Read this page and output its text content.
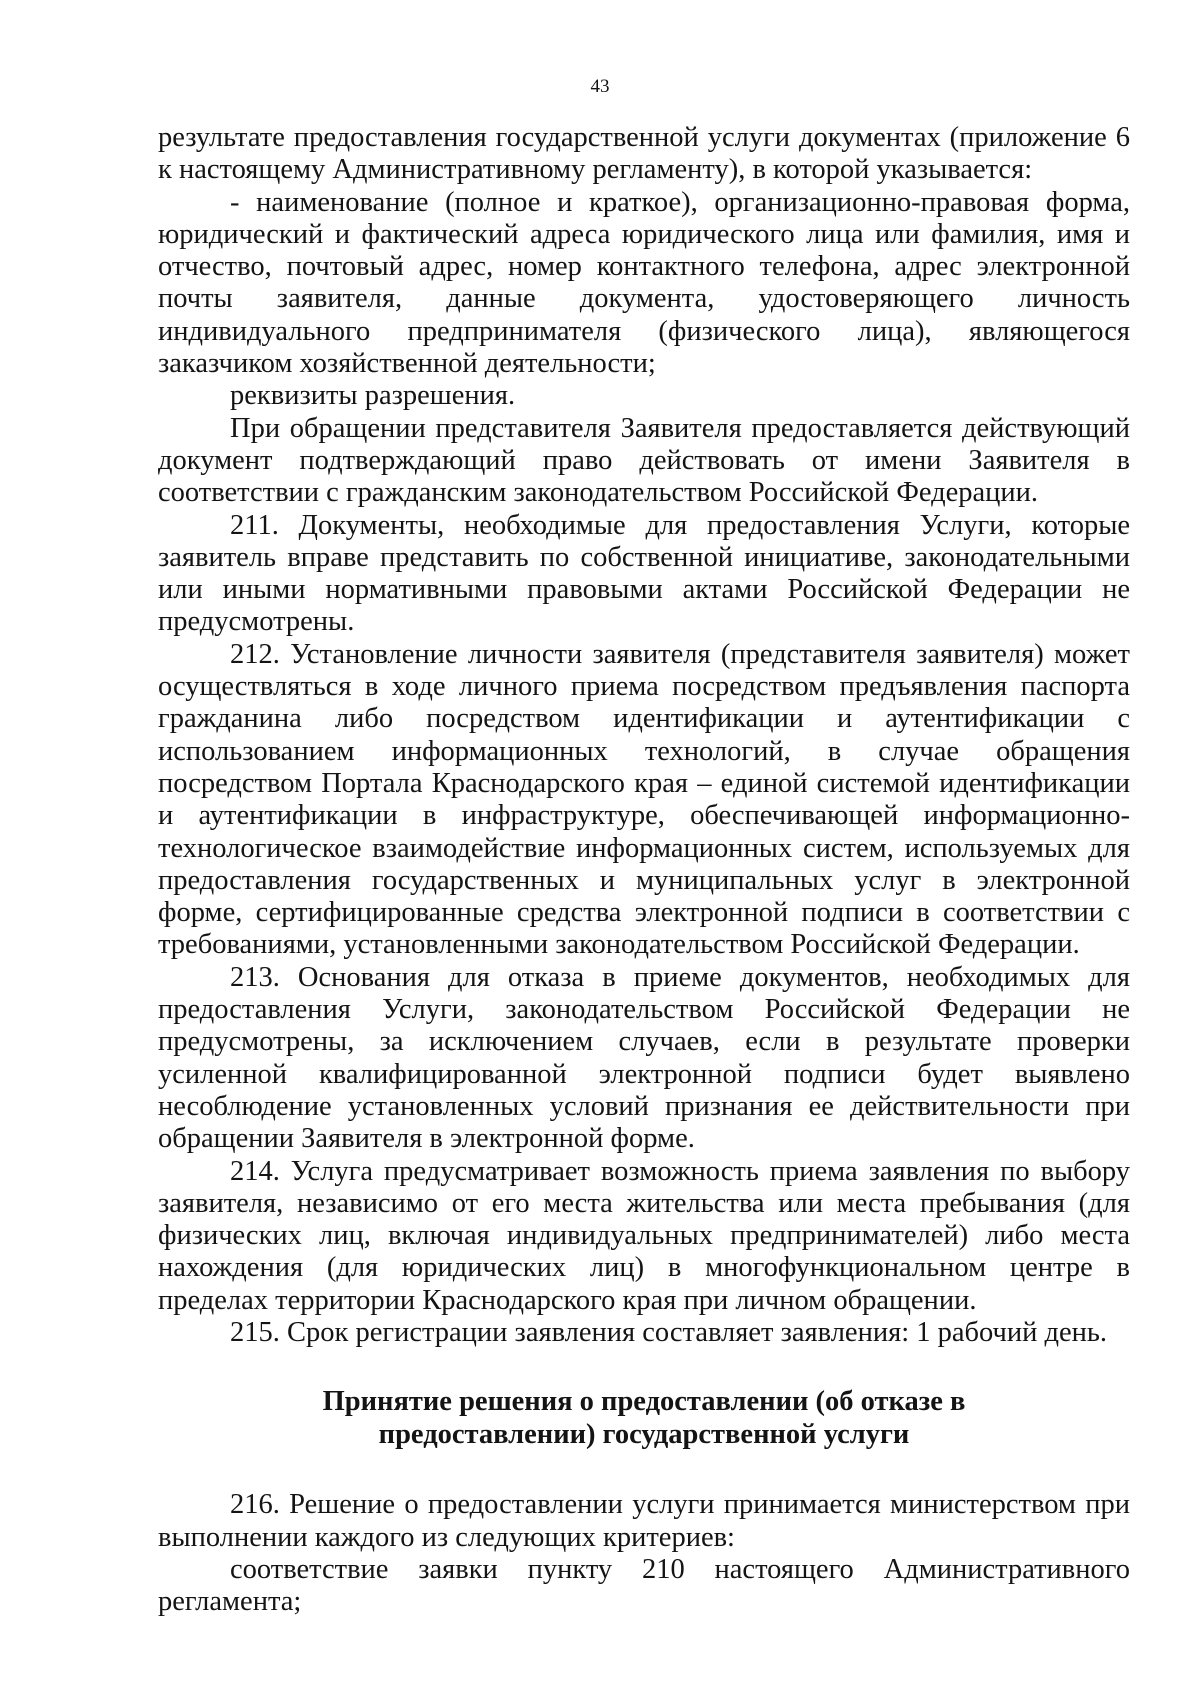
43

результате предоставления государственной услуги документах (приложение 6 к настоящему Административному регламенту), в которой указывается:

- наименование (полное и краткое), организационно-правовая форма, юридический и фактический адреса юридического лица или фамилия, имя и отчество, почтовый адрес, номер контактного телефона, адрес электронной почты заявителя, данные документа, удостоверяющего личность индивидуального предпринимателя (физического лица), являющегося заказчиком хозяйственной деятельности;

реквизиты разрешения.

При обращении представителя Заявителя предоставляется действующий документ подтверждающий право действовать от имени Заявителя в соответствии с гражданским законодательством Российской Федерации.

211. Документы, необходимые для предоставления Услуги, которые заявитель вправе представить по собственной инициативе, законодательными или иными нормативными правовыми актами Российской Федерации не предусмотрены.

212. Установление личности заявителя (представителя заявителя) может осуществляться в ходе личного приема посредством предъявления паспорта гражданина либо посредством идентификации и аутентификации с использованием информационных технологий, в случае обращения посредством Портала Краснодарского края – единой системой идентификации и аутентификации в инфраструктуре, обеспечивающей информационно-технологическое взаимодействие информационных систем, используемых для предоставления государственных и муниципальных услуг в электронной форме, сертифицированные средства электронной подписи в соответствии с требованиями, установленными законодательством Российской Федерации.

213. Основания для отказа в приеме документов, необходимых для предоставления Услуги, законодательством Российской Федерации не предусмотрены, за исключением случаев, если в результате проверки усиленной квалифицированной электронной подписи будет выявлено несоблюдение установленных условий признания ее действительности при обращении Заявителя в электронной форме.

214. Услуга предусматривает возможность приема заявления по выбору заявителя, независимо от его места жительства или места пребывания (для физических лиц, включая индивидуальных предпринимателей) либо места нахождения (для юридических лиц) в многофункциональном центре в пределах территории Краснодарского края при личном обращении.

215. Срок регистрации заявления составляет заявления: 1 рабочий день.

Принятие решения о предоставлении (об отказе в
предоставлении) государственной услуги

216. Решение о предоставлении услуги принимается министерством при выполнении каждого из следующих критериев:

соответствие заявки пункту 210 настоящего Административного регламента;
